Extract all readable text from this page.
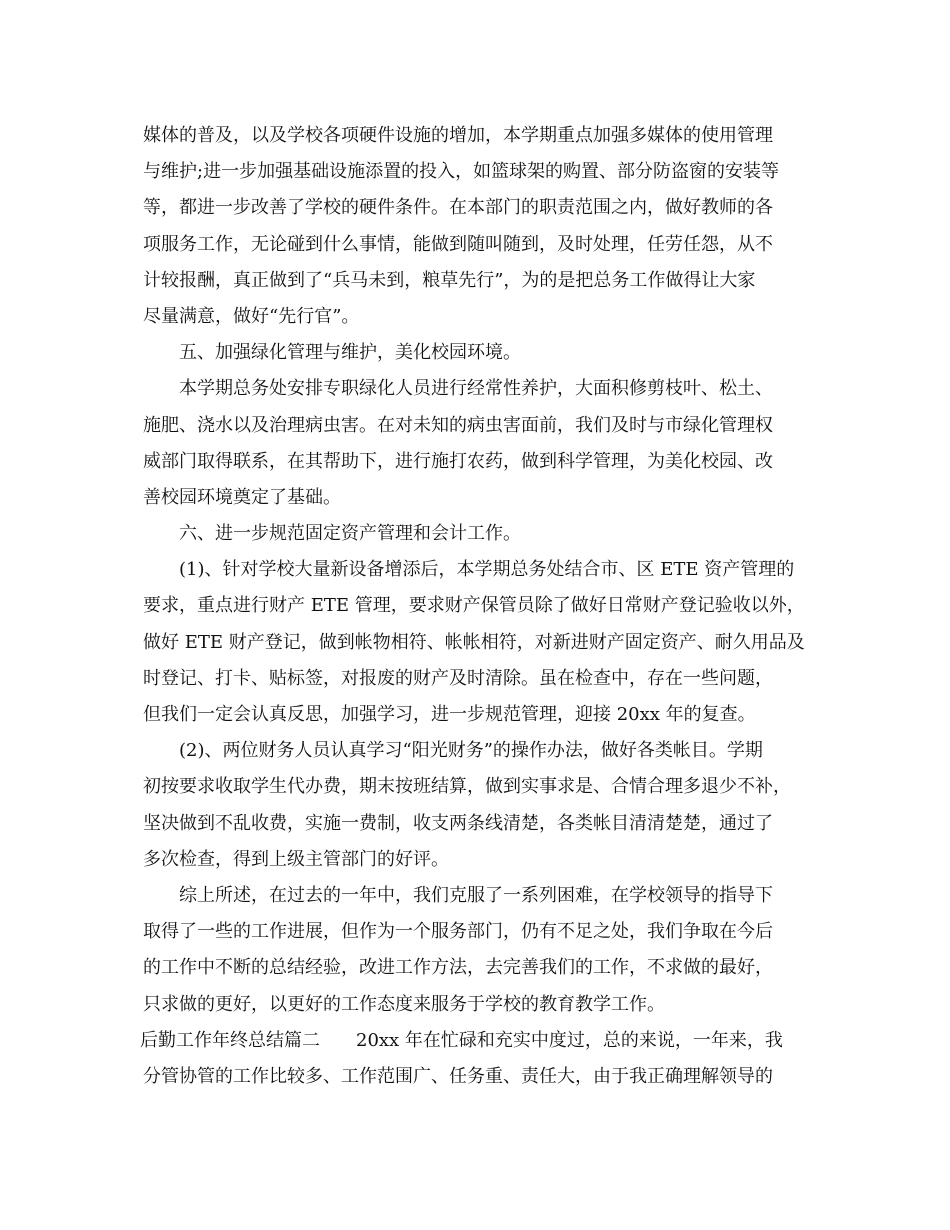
媒体的普及，以及学校各项硬件设施的增加，本学期重点加强多媒体的使用管理
与维护;进一步加强基础设施添置的投入，如篮球架的购置、部分防盗窗的安装等
等，都进一步改善了学校的硬件条件。在本部门的职责范围之内，做好教师的各
项服务工作，无论碰到什么事情，能做到随叫随到，及时处理，任劳任怨，从不
计较报酬，真正做到了“兵马未到，粮草先行”，为的是把总务工作做得让大家
尽量满意，做好“先行官”。
五、加强绿化管理与维护，美化校园环境。
本学期总务处安排专职绿化人员进行经常性养护，大面积修剪枝叶、松土、
施肥、浇水以及治理病虫害。在对未知的病虫害面前，我们及时与市绿化管理权
威部门取得联系，在其帮助下，进行施打农药，做到科学管理，为美化校园、改
善校园环境奠定了基础。
六、进一步规范固定资产管理和会计工作。
(1)、针对学校大量新设备增添后，本学期总务处结合市、区 ETE 资产管理的
要求，重点进行财产 ETE 管理，要求财产保管员除了做好日常财产登记验收以外，
做好 ETE 财产登记，做到帐物相符、帐帐相符，对新进财产固定资产、耐久用品及
时登记、打卡、贴标签，对报废的财产及时清除。虽在检查中，存在一些问题，
但我们一定会认真反思，加强学习，进一步规范管理，迎接 20xx 年的复查。
(2)、两位财务人员认真学习“阳光财务”的操作办法，做好各类帐目。学期
初按要求收取学生代办费，期末按班结算，做到实事求是、合情合理多退少不补，
坚决做到不乱收费，实施一费制，收支两条线清楚，各类帐目清清楚楚，通过了
多次检查，得到上级主管部门的好评。
综上所述，在过去的一年中，我们克服了一系列困难，在学校领导的指导下
取得了一些的工作进展，但作为一个服务部门，仍有不足之处，我们争取在今后
的工作中不断的总结经验，改进工作方法，去完善我们的工作，不求做的最好，
只求做的更好，以更好的工作态度来服务于学校的教育教学工作。
后勤工作年终总结篇二　　20xx 年在忙碌和充实中度过，总的来说，一年来，我
分管协管的工作比较多、工作范围广、任务重、责任大，由于我正确理解领导的
